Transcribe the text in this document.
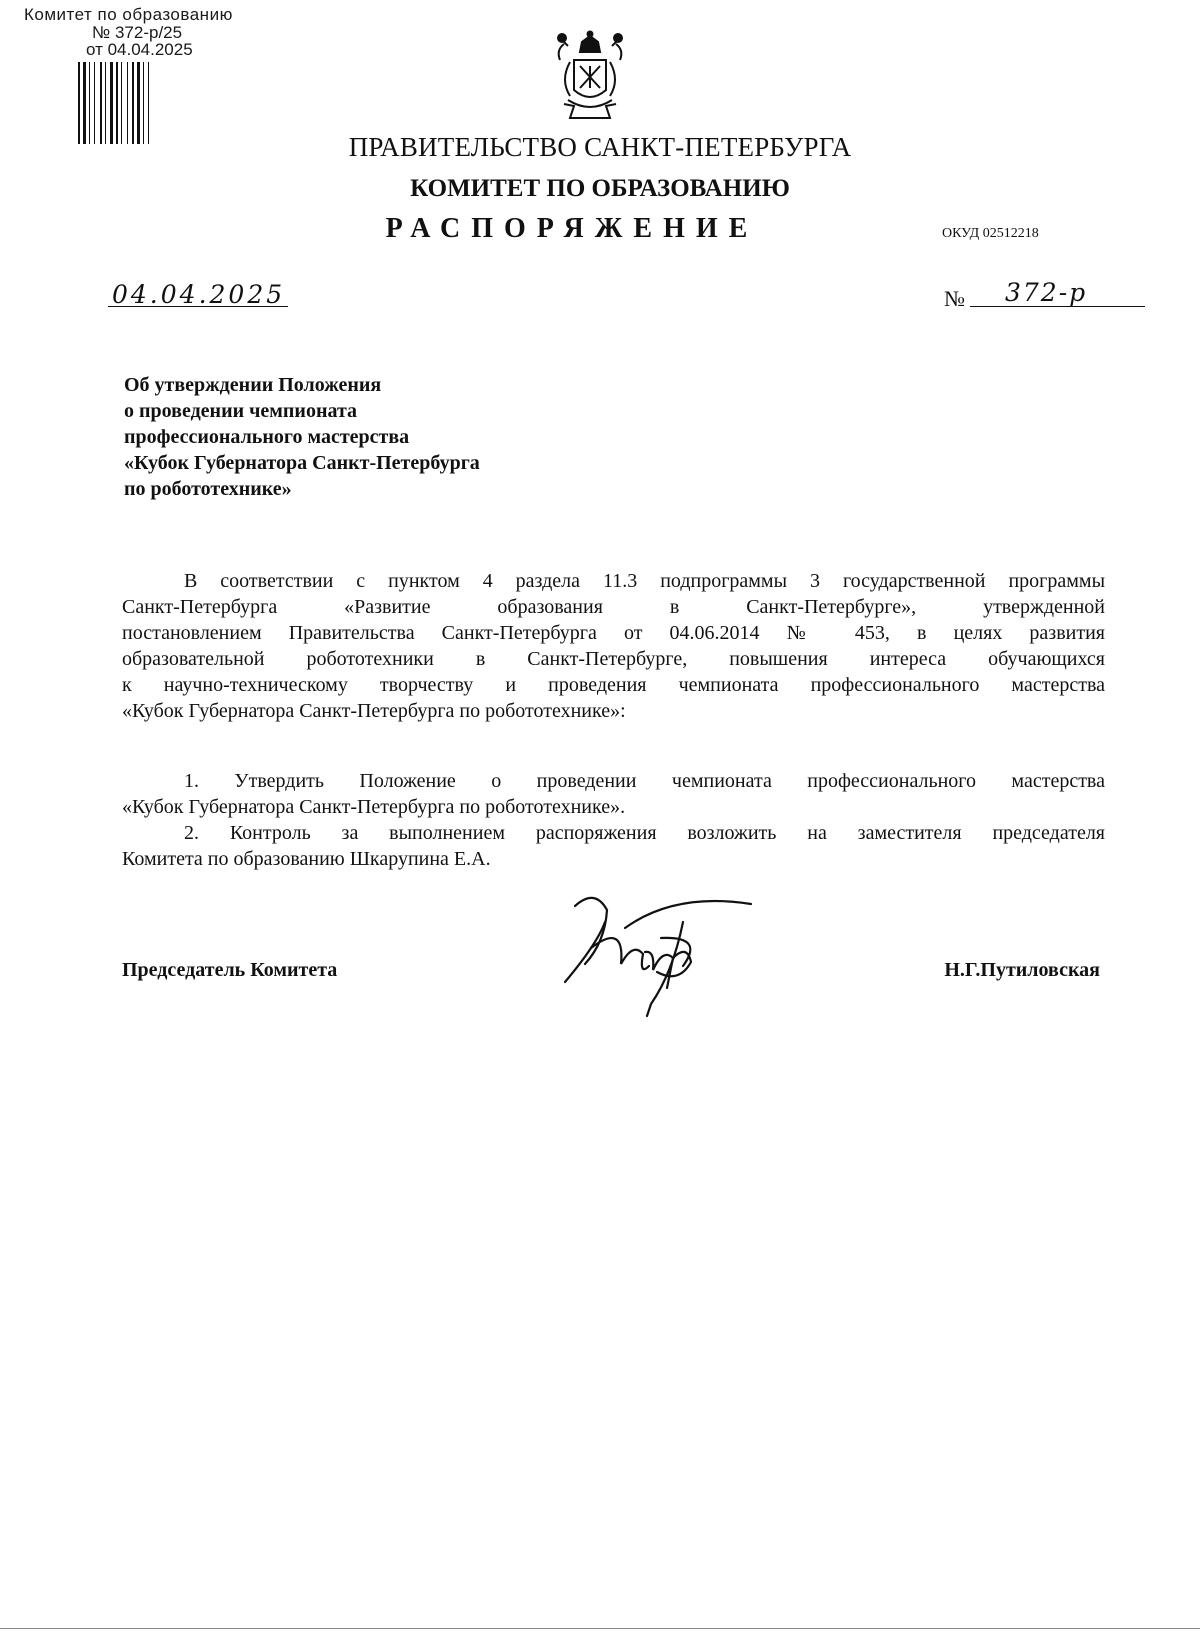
Комитет по образованию
№ 372-р/25
от 04.04.2025
ПРАВИТЕЛЬСТВО САНКТ-ПЕТЕРБУРГА
КОМИТЕТ ПО ОБРАЗОВАНИЮ
РАСПОРЯЖЕНИЕ	ОКУД 02512218
04.04.2025	№ 372-р
Об утверждении Положения
о проведении чемпионата
профессионального мастерства
«Кубок Губернатора Санкт-Петербурга
по робототехнике»
В соответствии с пунктом 4 раздела 11.3 подпрограммы 3 государственной программы
Санкт-Петербурга «Развитие образования в Санкт-Петербурге», утвержденной
постановлением Правительства Санкт-Петербурга от 04.06.2014 № 453, в целях развития
образовательной робототехники в Санкт-Петербурге, повышения интереса обучающихся
к научно-техническому творчеству и проведения чемпионата профессионального мастерства
«Кубок Губернатора Санкт-Петербурга по робототехнике»:
1. Утвердить Положение о проведении чемпионата профессионального мастерства
«Кубок Губернатора Санкт-Петербурга по робототехнике».
2. Контроль за выполнением распоряжения возложить на заместителя председателя
Комитета по образованию Шкарупина Е.А.
Председатель Комитета	Н.Г.Путиловская
